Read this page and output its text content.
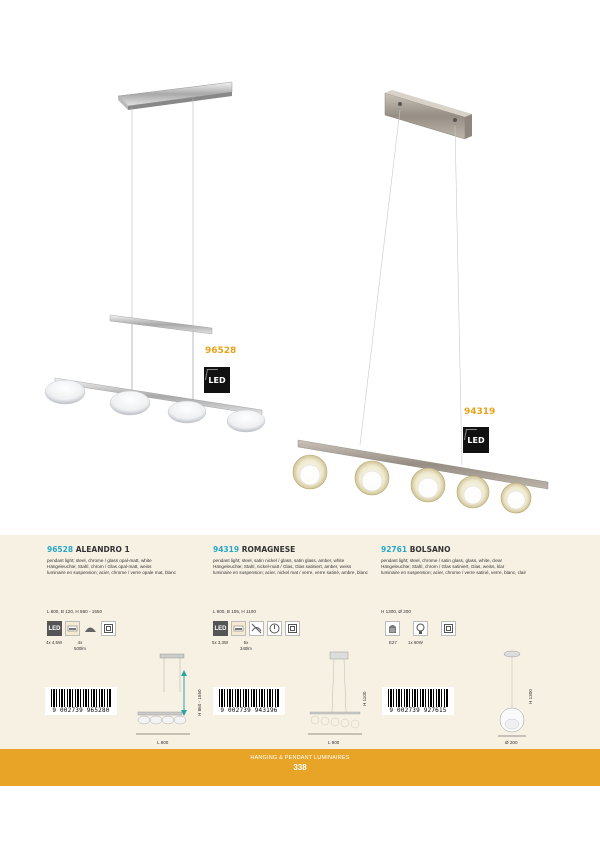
96528
LED
94319
LED
96528 ALEANDRO 1
pendant light; steel, chrome / glass opal-matt, white
Hängeleuchte; Stahl, chrom / Glas opal-matt, weiss
luminaire en suspension; acier, chrome / verre opale mat, blanc
L 800, B 120, H 860 - 1550
LED
4x 4,5W	4x
500lm
9 002739 965280
L 800
H 860 - 1550
94319 ROMAGNESE
pendant light; steel, satin nickel / glass, satin glass, amber, white
Hängeleuchte; Stahl, nickel-matt / Glas, Glas satiniert, amber, weiss
luminaire en suspension; acier, nickel mat / verre, verre satiné, ambre, blanc
L 900, B 105, H 1100
LED
5x 3,3W	5x
340lm
9 002739 943196
L 900
H 1100
92761 BOLSANO
pendant light; steel, chrome / satin glass, glass, white, clear
Hängeleuchte; Stahl, chrom / Glas satiniert, Glas, weiss, klar
luminaire en suspension; acier, chrome / verre satiné, verre, blanc, clair
H 1300, Ø 200
E27	1x 60W
9 002739 927615
Ø 200
H 1300
HANGING & PENDANT LUMINAIRES
338
